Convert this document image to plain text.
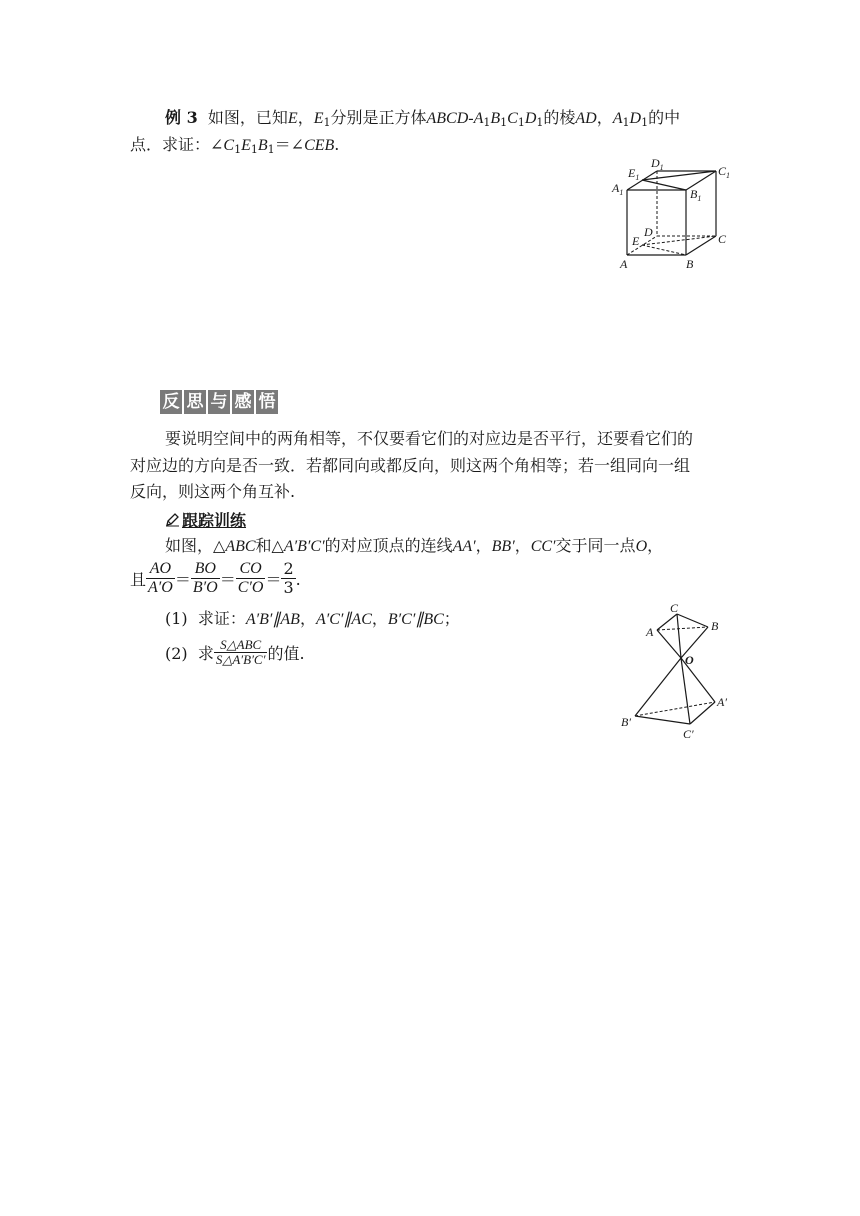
例 3 如图，已知E，$E_1$分别是正方体ABCD-$A_1B_1C_1D_1$的棱AD，$A_1D_1$的中
点．求证：$\angle C_1E_1B_1=\angle CEB$.
$E_1$
$D_1$	$C_1$
$A_1$	$B_1$
D
E	C
A	B
反 思 与 感 悟
要说明空间中的两角相等，不仅要看它们的对应边是否平行，还要看它们的
对应边的方向是否一致．若都同向或都反向，则这两个角相等；若一组同向一组
反向，则这两个角互补.
跟踪训练
如图，△ABC和△A′B′C′的对应顶点的连线AA′，BB′，CC′交于同一点O，
且 $\frac{AO}{A'O} = \frac{BO}{B'O} = \frac{CO}{C'O} = \frac{2}{3}$ .
(1) 求证：A′B′∥AB，A′C′∥AC，B′C′∥BC；
(2) 求 $\frac{\text{S△ABC}}{S\triangle A'B'C'}$ 的值.
C
A	B
O
A′
B′
C′
